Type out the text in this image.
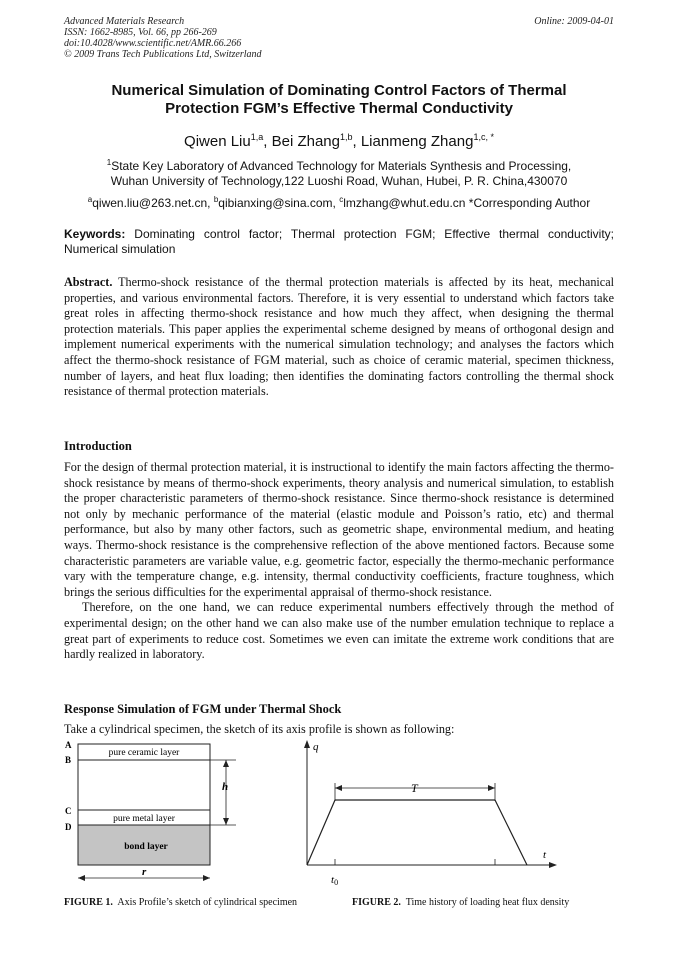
Advanced Materials Research
ISSN: 1662-8985, Vol. 66, pp 266-269
doi:10.4028/www.scientific.net/AMR.66.266
© 2009 Trans Tech Publications Ltd, Switzerland
Online: 2009-04-01
Numerical Simulation of Dominating Control Factors of Thermal
Protection FGM’s Effective Thermal Conductivity
Qiwen Liu$^{1,a}$, Bei Zhang$^{1,b}$, Lianmeng Zhang$^{1,c, *}$
$^1$State Key Laboratory of Advanced Technology for Materials Synthesis and Processing,
Wuhan University of Technology,122 Luoshi Road, Wuhan, Hubei, P. R. China,430070
$^a$qiwen.liu@263.net.cn, $^b$qibianxing@sina.com, $^c$lmzhang@whut.edu.cn *Corresponding Author
Keywords: Dominating control factor; Thermal protection FGM; Effective thermal conductivity; Numerical simulation
Abstract. Thermo-shock resistance of the thermal protection materials is affected by its heat, mechanical properties, and various environmental factors. Therefore, it is very essential to understand which factors take great roles in affecting thermo-shock resistance and how much they affect, when designing the thermal protection materials. This paper applies the experimental scheme designed by means of orthogonal design and implement numerical experiments with the numerical simulation technology; and analyses the factors which affect the thermo-shock resistance of FGM material, such as choice of ceramic material, specimen thickness, number of layers, and heat flux loading; then identifies the dominating factors controlling the thermal shock resistance of thermal protection materials.
Introduction
For the design of thermal protection material, it is instructional to identify the main factors affecting the thermo-shock resistance by means of thermo-shock experiments, theory analysis and numerical simulation, to establish the proper characteristic parameters of thermo-shock resistance. Since thermo-shock resistance is determined not only by mechanic performance of the material (elastic module and Poisson’s ratio, etc) and thermal performance, but also by many other factors, such as geometric shape, environmental medium, and heating ways. Thermo-shock resistance is the comprehensive reflection of the above mentioned factors. Because some characteristic parameters are variable value, e.g. geometric factor, especially the thermo-mechanic performance vary with the temperature change, e.g. intensity, thermal conductivity coefficients, fracture toughness, which brings the serious difficulties for the experimental appraisal of thermo-shock resistance.
Therefore, on the one hand, we can reduce experimental numbers effectively through the method of experimental design; on the other hand we can also make use of the number emulation technique to replace a great part of experiments to reduce cost. Sometimes we even can imitate the extreme work conditions that are hardly realized in laboratory.
Response Simulation of FGM under Thermal Shock
Take a cylindrical specimen, the sketch of its axis profile is shown as following:
A
B
C
D
pure ceramic layer
pure metal layer
bond layer
h
r
q
t
T
t0
FIGURE 1. Axis Profile’s sketch of cylindrical specimen	FIGURE 2. Time history of loading heat flux density
